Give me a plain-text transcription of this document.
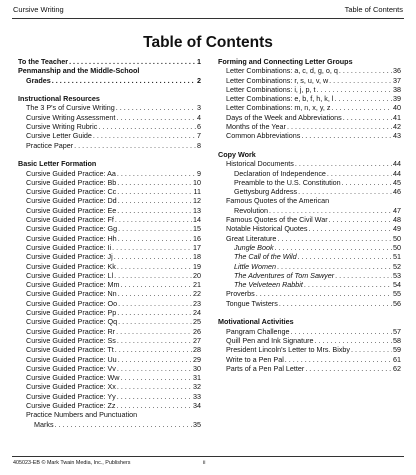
Cursive Writing	Table of Contents
Table of Contents
To the Teacher . . .	1
Penmanship and the Middle-School
Grades . . .	2
Instructional Resources
The 3 P's of Cursive Writing . . .	3
Cursive Writing Assessment . . .	4
Cursive Writing Rubric . . .	6
Cursive Letter Guide . . .	7
Practice Paper . . .	8
Basic Letter Formation
Cursive Guided Practice: Aa . . .	9
Cursive Guided Practice: Bb . . .	10
Cursive Guided Practice: Cc . . .	11
Cursive Guided Practice: Dd . . .	12
Cursive Guided Practice: Ee . . .	13
Cursive Guided Practice: Ff . . .	14
Cursive Guided Practice: Gg . . .	15
Cursive Guided Practice: Hh . . .	16
Cursive Guided Practice: Ii . . .	17
Cursive Guided Practice: Jj . . .	18
Cursive Guided Practice: Kk . . .	19
Cursive Guided Practice: Ll . . .	20
Cursive Guided Practice: Mm . . .	21
Cursive Guided Practice: Nn . . .	22
Cursive Guided Practice: Oo . . .	23
Cursive Guided Practice: Pp . . .	24
Cursive Guided Practice: Qq . . .	25
Cursive Guided Practice: Rr . . .	26
Cursive Guided Practice: Ss . . .	27
Cursive Guided Practice: Tt . . .	28
Cursive Guided Practice: Uu . . .	29
Cursive Guided Practice: Vv . . .	30
Cursive Guided Practice: Ww . . .	31
Cursive Guided Practice: Xx . . .	32
Cursive Guided Practice: Yy . . .	33
Cursive Guided Practice: Zz . . .	34
Practice Numbers and Punctuation
Marks . . .	35
Forming and Connecting Letter Groups
Letter Combinations: a, c, d, g, o, q . . .	36
Letter Combinations: r, s, u, v, w . . .	37
Letter Combinations: i, j, p, t . . .	38
Letter Combinations: e, b, f, h, k, l . . .	39
Letter Combinations: m, n, x, y, z . . .	40
Days of the Week and Abbreviations . . .	41
Months of the Year . . .	42
Common Abbreviations . . .	43
Copy Work
Historical Documents . . .	44
Declaration of Independence . . .	44
Preamble to the U.S. Constitution . . .	45
Gettysburg Address . . .	46
Famous Quotes of the American
Revolution . . .	47
Famous Quotes of the Civil War . . .	48
Notable Historical Quotes . . .	49
Great Literature . . .	50
Jungle Book . . .	50
The Call of the Wild . . .	51
Little Women . . .	52
The Adventures of Tom Sawyer . . .	53
The Velveteen Rabbit . . .	54
Proverbs . . .	55
Tongue Twisters . . .	56
Motivational Activities
Pangram Challenge . . .	57
Quill Pen and Ink Signature . . .	58
President Lincoln's Letter to Mrs. Bixby . . .	59
Write to a Pen Pal . . .	61
Parts of a Pen Pal Letter . . .	62
405023-EB © Mark Twain Media, Inc., Publishers	ii
